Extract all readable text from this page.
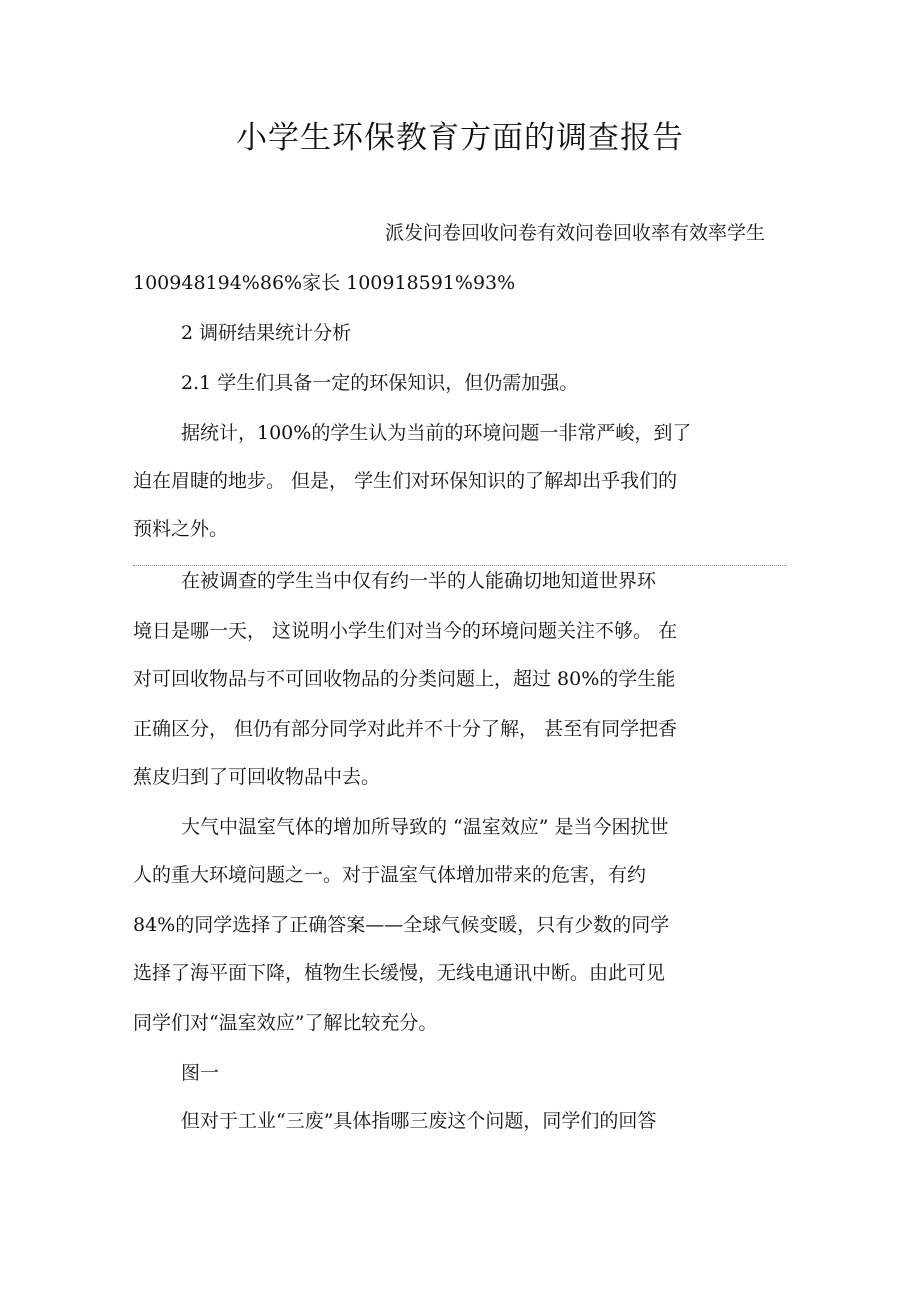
小学生环保教育方面的调查报告
派发问卷回收问卷有效问卷回收率有效率学生
100948194%86%家长 100918591%93%
2 调研结果统计分析
2.1 学生们具备一定的环保知识，但仍需加强。
据统计，100%的学生认为当前的环境问题一非常严峻，到了
迫在眉睫的地步。 但是， 学生们对环保知识的了解却出乎我们的
预料之外。
在被调查的学生当中仅有约一半的人能确切地知道世界环
境日是哪一天， 这说明小学生们对当今的环境问题关注不够。 在
对可回收物品与不可回收物品的分类问题上，超过 80%的学生能
正确区分， 但仍有部分同学对此并不十分了解， 甚至有同学把香
蕉皮归到了可回收物品中去。
大气中温室气体的增加所导致的 “温室效应” 是当今困扰世
人的重大环境问题之一。对于温室气体增加带来的危害，有约
84%的同学选择了正确答案——全球气候变暖，只有少数的同学
选择了海平面下降，植物生长缓慢，无线电通讯中断。由此可见
同学们对“温室效应”了解比较充分。
图一
但对于工业“三废”具体指哪三废这个问题，同学们的回答
